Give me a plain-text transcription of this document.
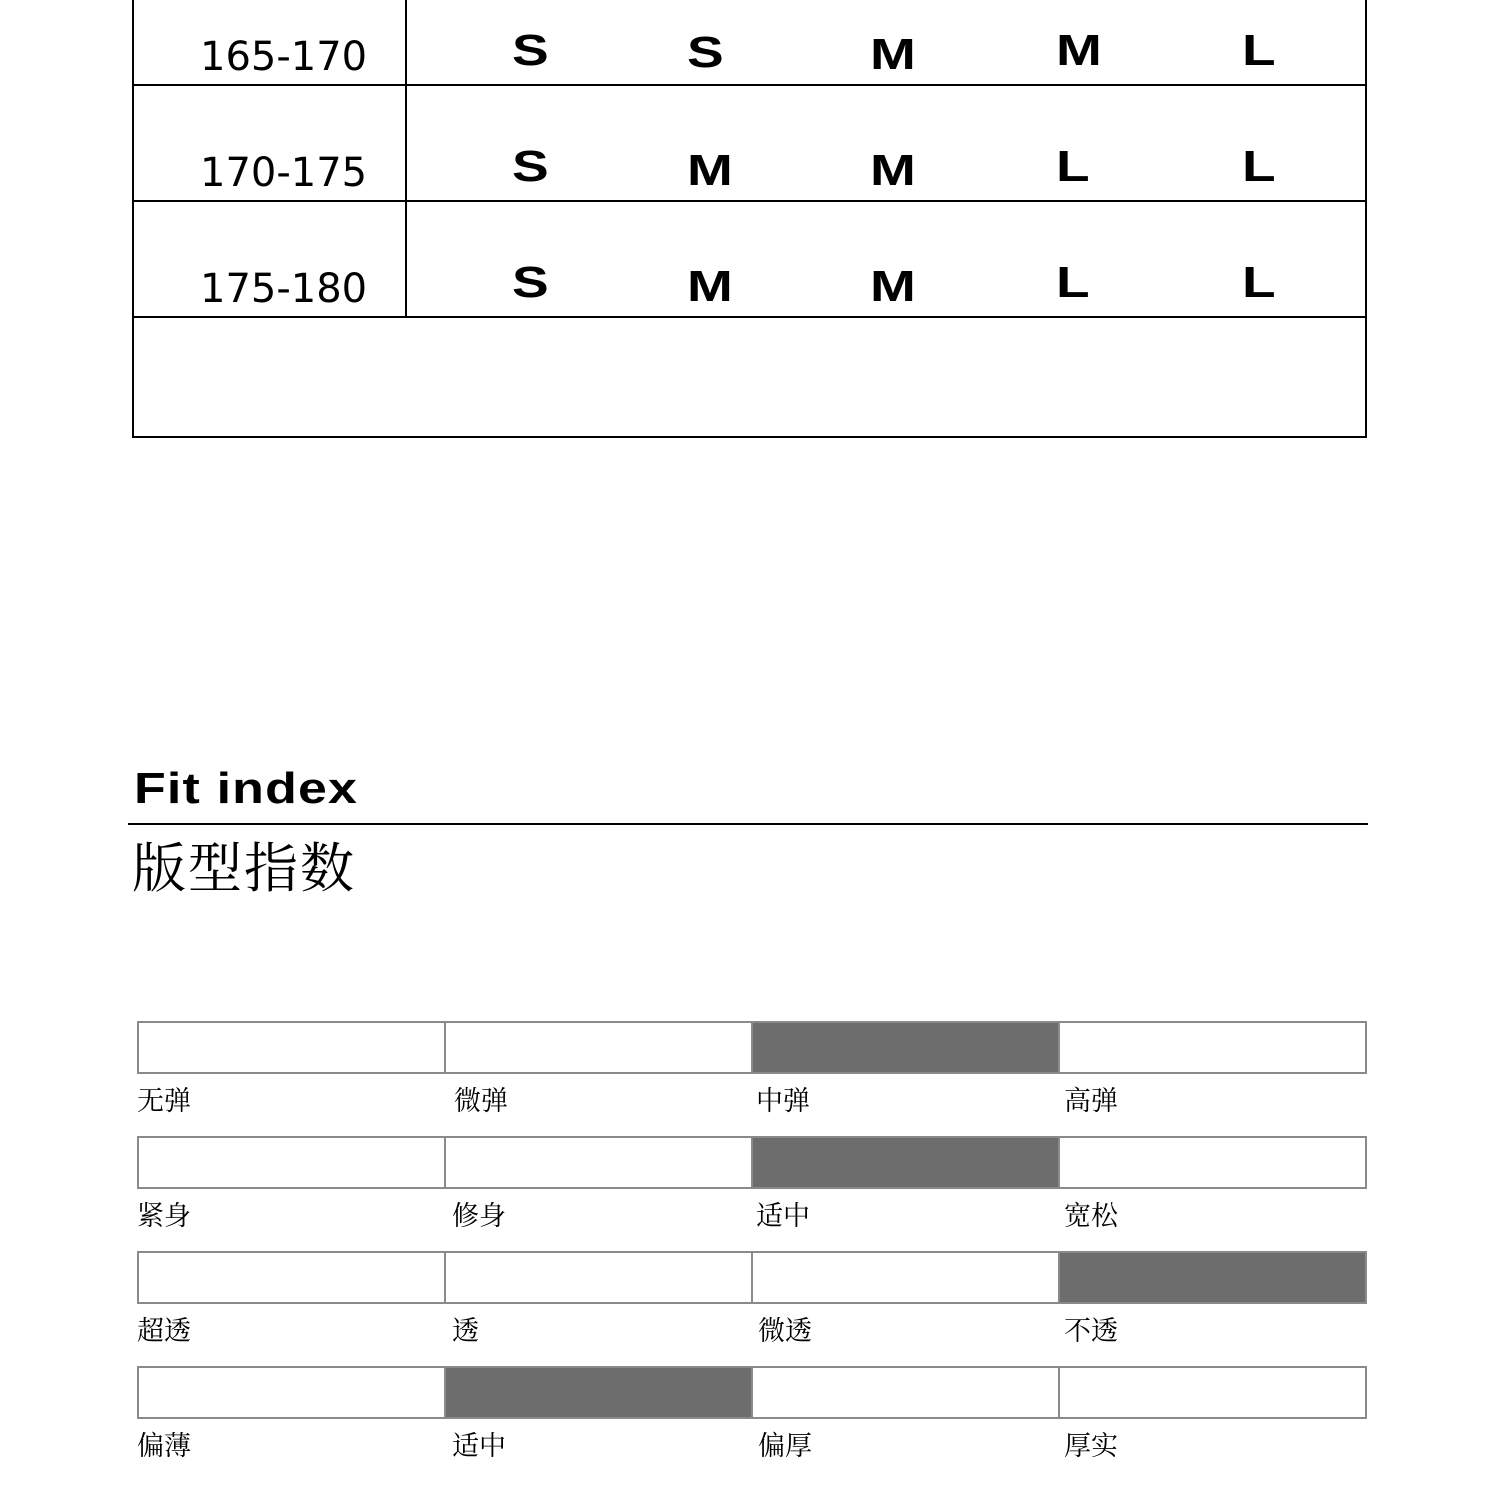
165-170	S	S	M	M	L
170-175	S	M	M	L	L
175-180	S	M	M	L	L
Fit index
版型指数
无弹	微弹	中弹	高弹
紧身	修身	适中	宽松
超透	透	微透	不透
偏薄	适中	偏厚	厚实
